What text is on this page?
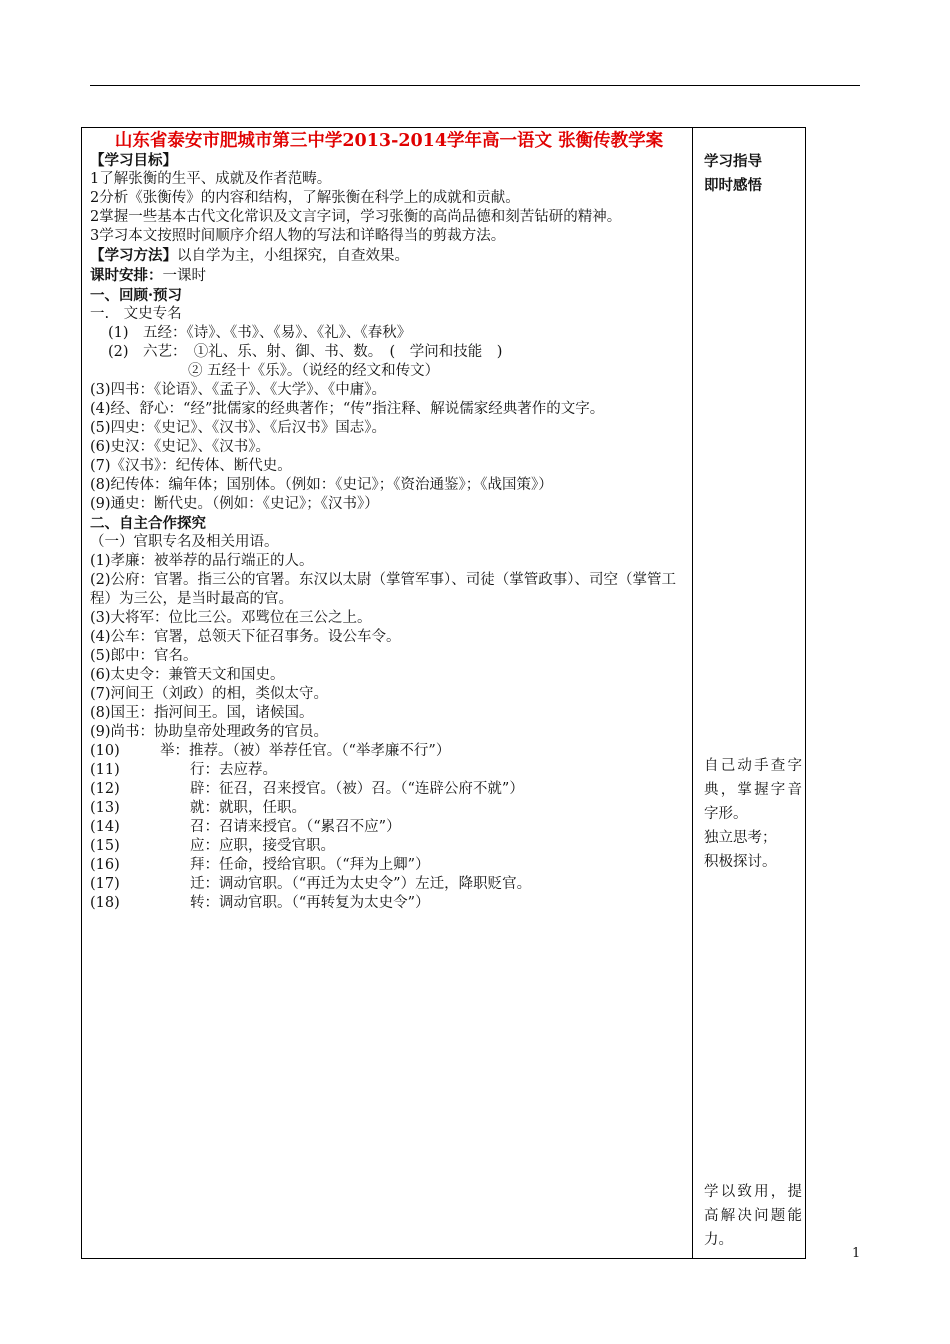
山东省泰安市肥城市第三中学2013-2014学年高一语文 张衡传教学案

【学习目标】

1了解张衡的生平、成就及作者范畴。

2分析《张衡传》的内容和结构，了解张衡在科学上的成就和贡献。

2掌握一些基本古代文化常识及文言字词，学习张衡的高尚品德和刻苦钻研的精神。

3学习本文按照时间顺序介绍人物的写法和详略得当的剪裁方法。

【学习方法】以自学为主，小组探究，自查效果。

课时安排：一课时

一、回顾·预习

一.　文史专名

(1)　五经：《诗》、《书》、《易》、《礼》、《春秋》

(2)　六艺：　①礼、乐、射、御、书、数。　(　学问和技能　)

② 五经十《乐》。（说经的经文和传文）

(3)四书：《论语》、《孟子》、《大学》、《中庸》。

(4)经、舒心：“经”批儒家的经典著作；“传”指注释、解说儒家经典著作的文字。

(5)四史：《史记》、《汉书》、《后汉书》国志》。

(6)史汉：《史记》、《汉书》。

(7)《汉书》：纪传体、断代史。

(8)纪传体：编年体；国别体。（例如：《史记》；《资治通鉴》；《战国策》）

(9)通史：断代史。（例如：《史记》；《汉书》）

二、自主合作探究

（一）官职专名及相关用语。

(1)孝廉：被举荐的品行端正的人。

(2)公府：官署。指三公的官署。东汉以太尉（掌管军事）、司徒（掌管政事）、司空（掌管工程）为三公，是当时最高的官。

(3)大将军：位比三公。邓骘位在三公之上。

(4)公车：官署，总领天下征召事务。设公车令。

(5)郎中：官名。

(6)太史令：兼管天文和国史。

(7)河间王（刘政）的相，类似太守。

(8)国王：指河间王。国，诸候国。

(9)尚书：协助皇帝处理政务的官员。

(10)	举：推荐。（被）举荐任官。（“举孝廉不行”）

(11)	行：去应荐。

(12)	辟：征召，召来授官。（被）召。（“连辟公府不就”）

(13)	就：就职，任职。

(14)	召：召请来授官。（“累召不应”）

(15)	应：应职，接受官职。

(16)	拜：任命，授给官职。（“拜为上卿”）

(17)	迁：调动官职。（“再迁为太史令”）左迁，降职贬官。

(18)	转：调动官职。（“再转复为太史令”）

学习指导

即时感悟

自己动手查字典，掌握字音字形。

独立思考；

积极探讨。

学以致用，提高解决问题能力。

1
